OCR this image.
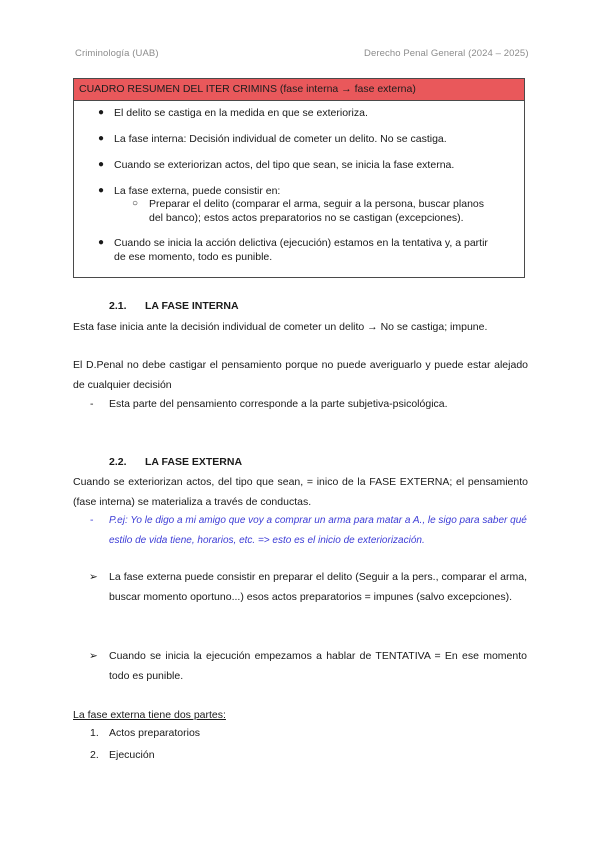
Criminología (UAB)	Derecho Penal General (2024 – 2025)
CUADRO RESUMEN DEL ITER CRIMINS (fase interna → fase externa)
● El delito se castiga en la medida en que se exterioriza.
● La fase interna: Decisión individual de cometer un delito. No se castiga.
● Cuando se exteriorizan actos, del tipo que sean, se inicia la fase externa.
● La fase externa, puede consistir en:
○ Preparar el delito (comparar el arma, seguir a la persona, buscar planos del banco); estos actos preparatorios no se castigan (excepciones).
● Cuando se inicia la acción delictiva (ejecución) estamos en la tentativa y, a partir de ese momento, todo es punible.
2.1. LA FASE INTERNA
Esta fase inicia ante la decisión individual de cometer un delito → No se castiga; impune.
El D.Penal no debe castigar el pensamiento porque no puede averiguarlo y puede estar alejado de cualquier decisión
- Esta parte del pensamiento corresponde a la parte subjetiva-psicológica.
2.2. LA FASE EXTERNA
Cuando se exteriorizan actos, del tipo que sean, = inico de la FASE EXTERNA; el pensamiento (fase interna) se materializa a través de conductas.
- P.ej: Yo le digo a mi amigo que voy a comprar un arma para matar a A., le sigo para saber qué estilo de vida tiene, horarios, etc. => esto es el inicio de exteriorización.
➢ La fase externa puede consistir en preparar el delito (Seguir a la pers., comparar el arma, buscar momento oportuno...) esos actos preparatorios = impunes (salvo excepciones).
➢ Cuando se inicia la ejecución empezamos a hablar de TENTATIVA = En ese momento todo es punible.
La fase externa tiene dos partes:
1. Actos preparatorios
2. Ejecución
